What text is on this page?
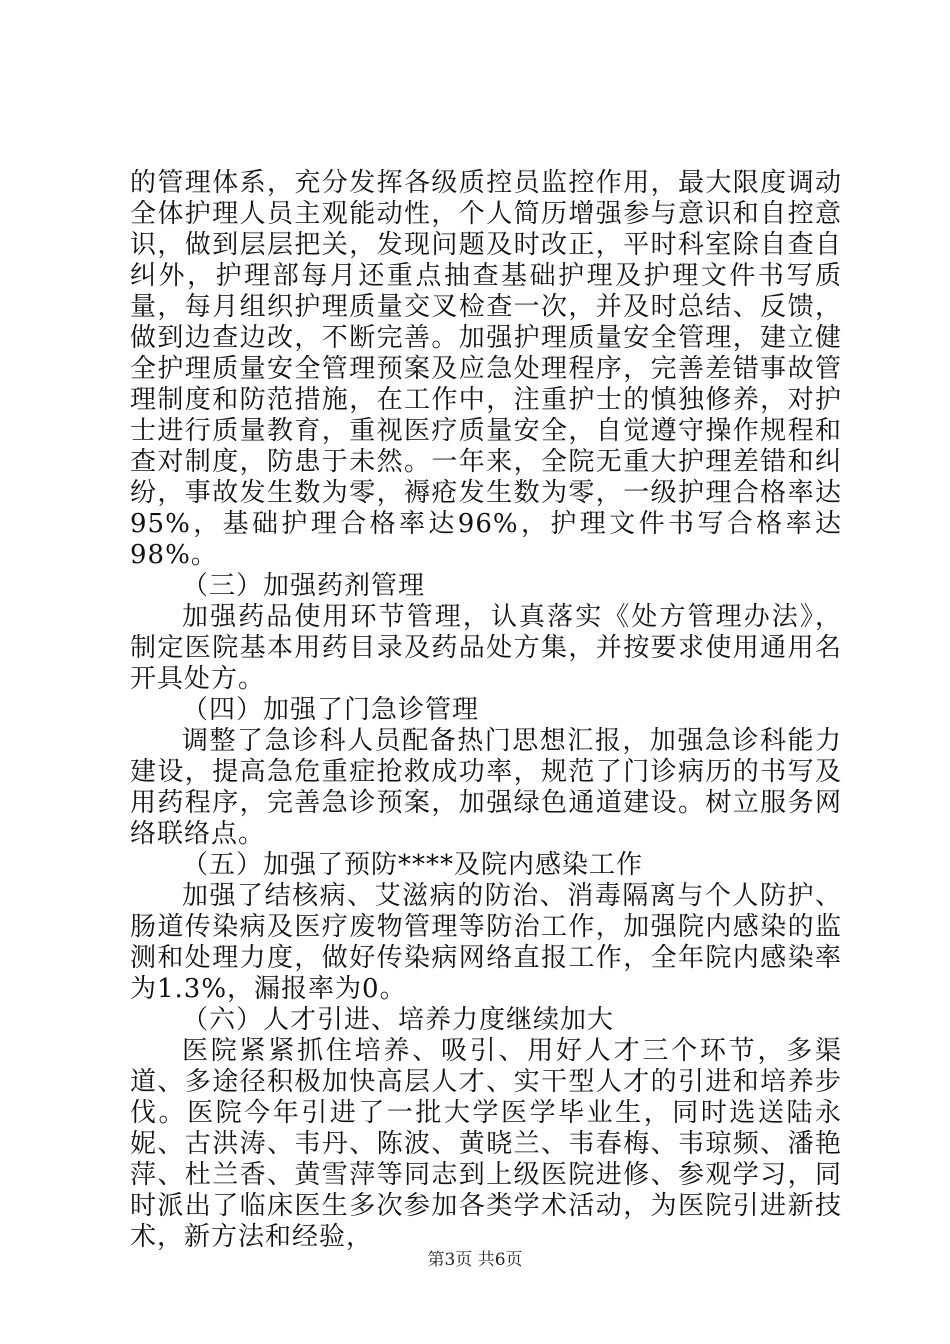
的管理体系，充分发挥各级质控员监控作用，最大限度调动全体护理人员主观能动性，个人简历增强参与意识和自控意识，做到层层把关，发现问题及时改正，平时科室除自查自纠外，护理部每月还重点抽查基础护理及护理文件书写质量，每月组织护理质量交叉检查一次，并及时总结、反馈，做到边查边改，不断完善。加强护理质量安全管理，建立健全护理质量安全管理预案及应急处理程序，完善差错事故管理制度和防范措施，在工作中，注重护士的慎独修养，对护士进行质量教育，重视医疗质量安全，自觉遵守操作规程和查对制度，防患于未然。一年来，全院无重大护理差错和纠纷，事故发生数为零，褥疮发生数为零，一级护理合格率达95%，基础护理合格率达96%，护理文件书写合格率达98%。

（三）加强药剂管理

加强药品使用环节管理，认真落实《处方管理办法》，制定医院基本用药目录及药品处方集，并按要求使用通用名开具处方。

（四）加强了门急诊管理

调整了急诊科人员配备热门思想汇报，加强急诊科能力建设，提高急危重症抢救成功率，规范了门诊病历的书写及用药程序，完善急诊预案，加强绿色通道建设。树立服务网络联络点。

（五）加强了预防****及院内感染工作

加强了结核病、艾滋病的防治、消毒隔离与个人防护、肠道传染病及医疗废物管理等防治工作，加强院内感染的监测和处理力度，做好传染病网络直报工作，全年院内感染率为1.3%，漏报率为0。

（六）人才引进、培养力度继续加大

医院紧紧抓住培养、吸引、用好人才三个环节，多渠道、多途径积极加快高层人才、实干型人才的引进和培养步伐。医院今年引进了一批大学医学毕业生，同时选送陆永妮、古洪涛、韦丹、陈波、黄晓兰、韦春梅、韦琼频、潘艳萍、杜兰香、黄雪萍等同志到上级医院进修、参观学习，同时派出了临床医生多次参加各类学术活动，为医院引进新技术，新方法和经验，

第3页 共6页
